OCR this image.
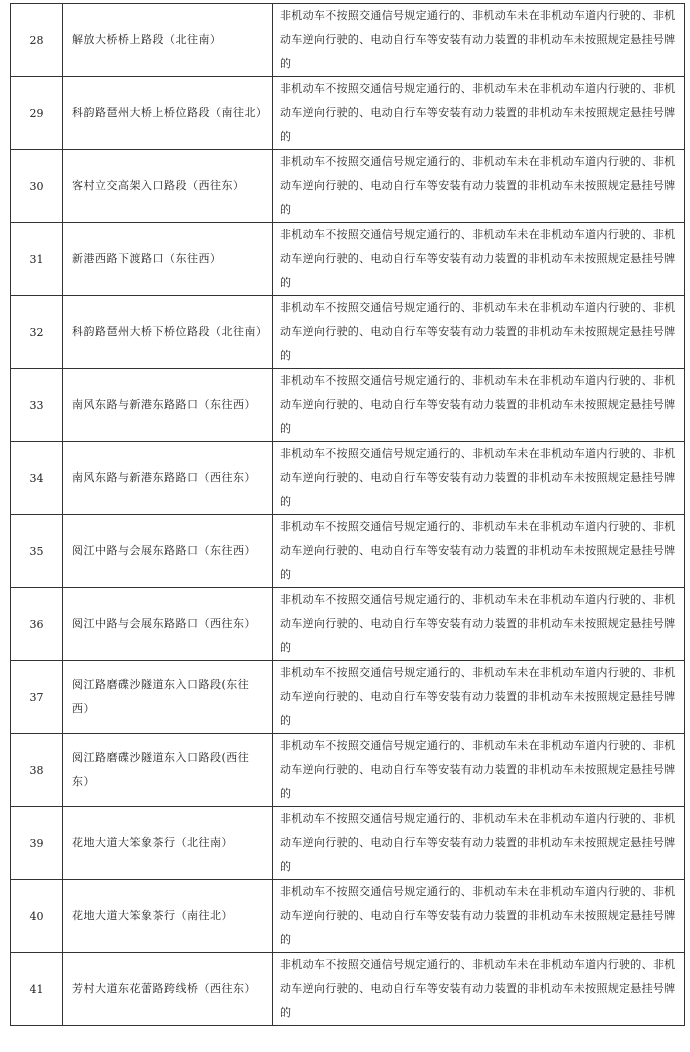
28	解放大桥桥上路段（北往南）	非机动车不按照交通信号规定通行的、非机动车未在非机动车道内行驶的、非机动车逆向行驶的、电动自行车等安装有动力装置的非机动车未按照规定悬挂号牌的
29	科韵路琶州大桥上桥位路段（南往北）	非机动车不按照交通信号规定通行的、非机动车未在非机动车道内行驶的、非机动车逆向行驶的、电动自行车等安装有动力装置的非机动车未按照规定悬挂号牌的
30	客村立交高架入口路段（西往东）	非机动车不按照交通信号规定通行的、非机动车未在非机动车道内行驶的、非机动车逆向行驶的、电动自行车等安装有动力装置的非机动车未按照规定悬挂号牌的
31	新港西路下渡路口（东往西）	非机动车不按照交通信号规定通行的、非机动车未在非机动车道内行驶的、非机动车逆向行驶的、电动自行车等安装有动力装置的非机动车未按照规定悬挂号牌的
32	科韵路琶州大桥下桥位路段（北往南）	非机动车不按照交通信号规定通行的、非机动车未在非机动车道内行驶的、非机动车逆向行驶的、电动自行车等安装有动力装置的非机动车未按照规定悬挂号牌的
33	南风东路与新港东路路口（东往西）	非机动车不按照交通信号规定通行的、非机动车未在非机动车道内行驶的、非机动车逆向行驶的、电动自行车等安装有动力装置的非机动车未按照规定悬挂号牌的
34	南风东路与新港东路路口（西往东）	非机动车不按照交通信号规定通行的、非机动车未在非机动车道内行驶的、非机动车逆向行驶的、电动自行车等安装有动力装置的非机动车未按照规定悬挂号牌的
35	阅江中路与会展东路路口（东往西）	非机动车不按照交通信号规定通行的、非机动车未在非机动车道内行驶的、非机动车逆向行驶的、电动自行车等安装有动力装置的非机动车未按照规定悬挂号牌的
36	阅江中路与会展东路路口（西往东）	非机动车不按照交通信号规定通行的、非机动车未在非机动车道内行驶的、非机动车逆向行驶的、电动自行车等安装有动力装置的非机动车未按照规定悬挂号牌的
37	阅江路磨碟沙隧道东入口路段(东往西）	非机动车不按照交通信号规定通行的、非机动车未在非机动车道内行驶的、非机动车逆向行驶的、电动自行车等安装有动力装置的非机动车未按照规定悬挂号牌的
38	阅江路磨碟沙隧道东入口路段(西往东）	非机动车不按照交通信号规定通行的、非机动车未在非机动车道内行驶的、非机动车逆向行驶的、电动自行车等安装有动力装置的非机动车未按照规定悬挂号牌的
39	花地大道大笨象茶行（北往南）	非机动车不按照交通信号规定通行的、非机动车未在非机动车道内行驶的、非机动车逆向行驶的、电动自行车等安装有动力装置的非机动车未按照规定悬挂号牌的
40	花地大道大笨象茶行（南往北）	非机动车不按照交通信号规定通行的、非机动车未在非机动车道内行驶的、非机动车逆向行驶的、电动自行车等安装有动力装置的非机动车未按照规定悬挂号牌的
41	芳村大道东花蕾路跨线桥（西往东）	非机动车不按照交通信号规定通行的、非机动车未在非机动车道内行驶的、非机动车逆向行驶的、电动自行车等安装有动力装置的非机动车未按照规定悬挂号牌的
